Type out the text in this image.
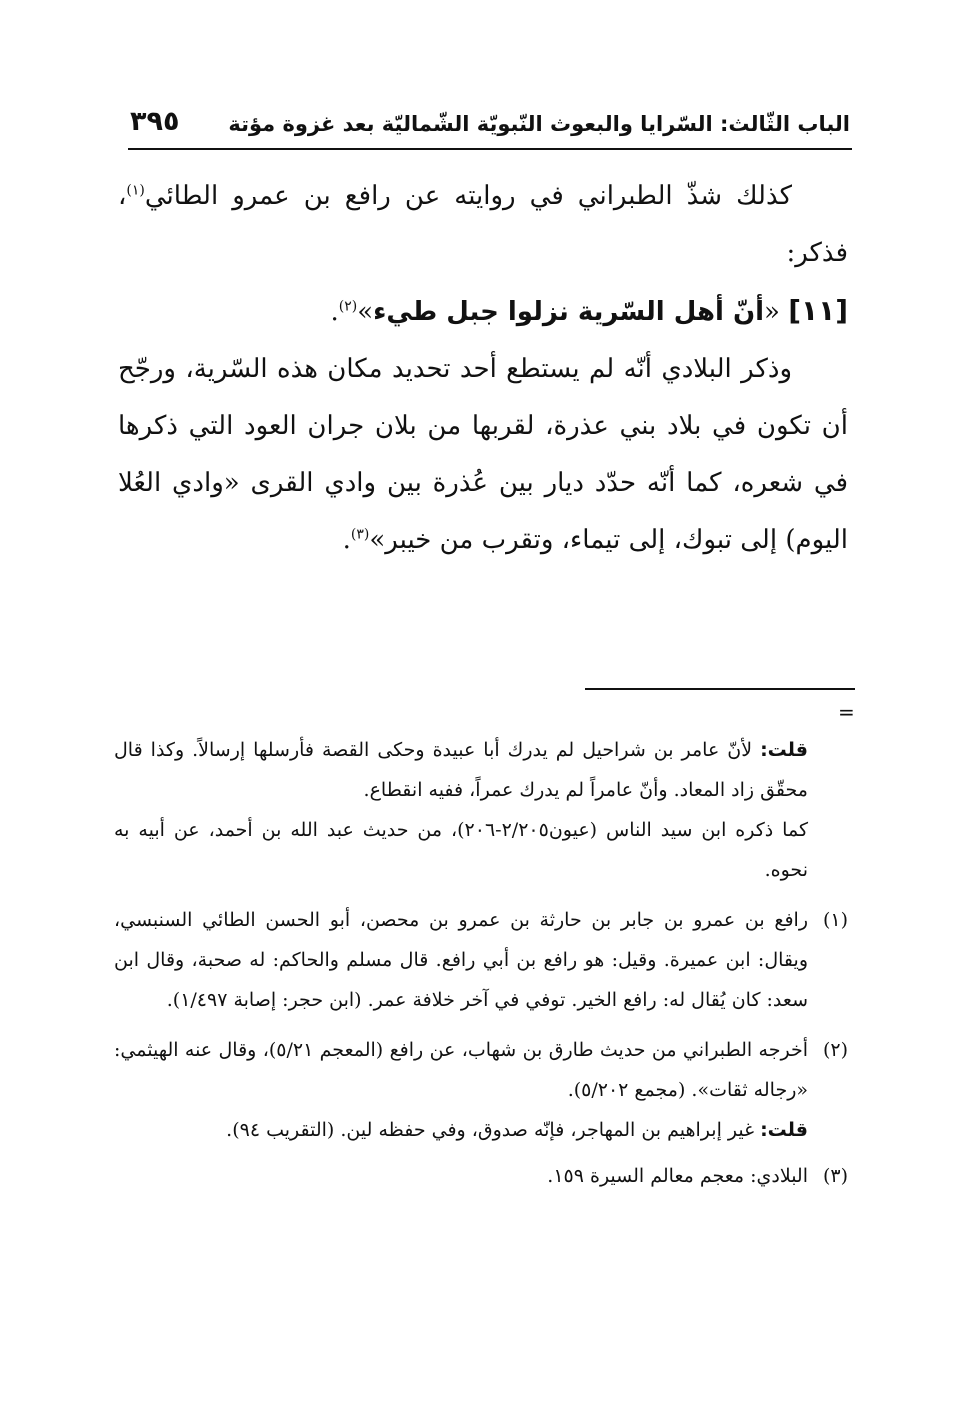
الباب الثّالث: السّرايا والبعوث النّبويّة الشّماليّة بعد غزوة مؤتة
٣٩٥

كذلك شذّ الطبراني في روايته عن رافع بن عمرو الطائي$^{(١)}$، فذكر:
[١١] «أنّ أهل السّرية نزلوا جبل طيء»$^{(٢)}$.

وذكر البلادي أنّه لم يستطع أحد تحديد مكان هذه السّرية، ورجّح أن تكون في بلاد بني عذرة، لقربها من بلان جران العود التي ذكرها في شعره، كما أنّه حدّد ديار بين عُذرة بين وادي القرى «وادي العُلا اليوم) إلى تبوك، إلى تيماء، وتقرب من خيبر»$^{(٣)}$.

=

قلت: لأنّ عامر بن شراحيل لم يدرك أبا عبيدة وحكى القصة فأرسلها إرسالاً. وكذا قال محقّق زاد المعاد. وأنّ عامراً لم يدرك عمراً، ففيه انقطاع.

كما ذكره ابن سيد الناس (عيون٢/٢٠٥-٢٠٦)، من حديث عبد الله بن أحمد، عن أبيه به نحوه.

(١)
رافع بن عمرو بن جابر بن حارثة بن عمرو بن محصن، أبو الحسن الطائي السنبسي، ويقال: ابن عميرة. وقيل: هو رافع بن أبي رافع. قال مسلم والحاكم: له صحبة، وقال ابن سعد: كان يُقال له: رافع الخير. توفي في آخر خلافة عمر. (ابن حجر: إصابة ١/٤٩٧).

(٢)
أخرجه الطبراني من حديث طارق بن شهاب، عن رافع (المعجم ٥/٢١)، وقال عنه الهيثمي: «رجاله ثقات». (مجمع ٥/٢٠٢).

قلت: غير إبراهيم بن المهاجر، فإنّه صدوق، وفي حفظه لين. (التقريب ٩٤).

(٣)
البلادي: معجم معالم السيرة ١٥٩.
